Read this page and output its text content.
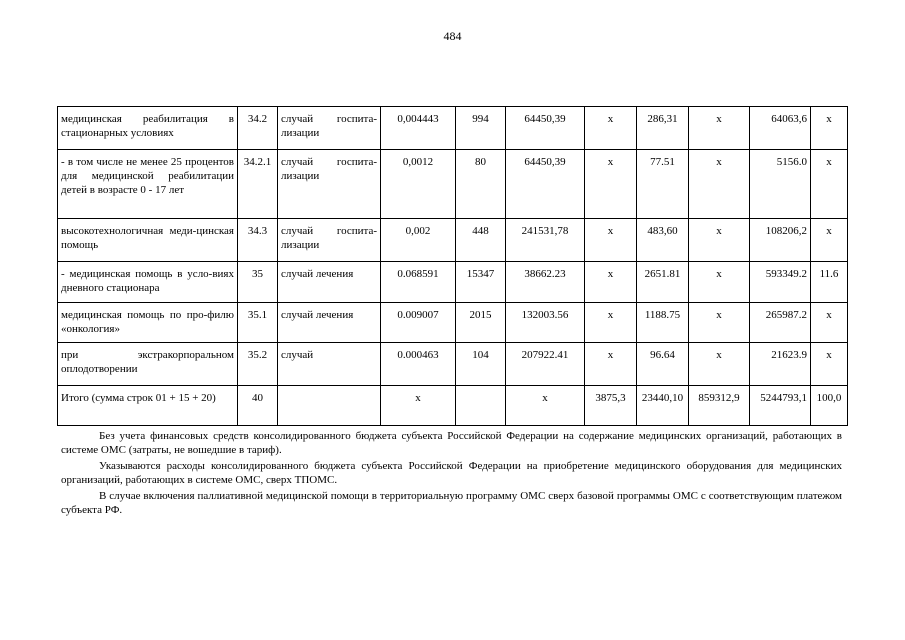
484
медицинская реабилитация в стационарных условиях	34.2	случай госпита-лизации	0,004443	994	64450,39	х	286,31	х	64063,6	х
- в том числе не менее 25 процентов для медицинской реабилитации детей в возрасте 0 - 17 лет	34.2.1	случай госпита-лизации	0,0012	80	64450,39	х	77.51	х	5156.0	х
высокотехнологичная меди-цинская помощь	34.3	случай госпита-лизации	0,002	448	241531,78	х	483,60	х	108206,2	х
- медицинская помощь в усло-виях дневного стационара	35	случай лечения	0.068591	15347	38662.23	х	2651.81	х	593349.2	11.6
медицинская помощь по про-филю «онкология»	35.1	случай лечения	0.009007	2015	132003.56	х	1188.75	х	265987.2	х
при экстракорпоральном оплодотворении	35.2	случай	0.000463	104	207922.41	х	96.64	х	21623.9	х
Итого (сумма строк 01 + 15 + 20)	40		х		х	3875,3	23440,10	859312,9	5244793,1	100,0

Без учета финансовых средств консолидированного бюджета субъекта Российской Федерации на содержание медицинских организаций, работающих в системе ОМС (затраты, не вошедшие в тариф).

Указываются расходы консолидированного бюджета субъекта Российской Федерации на приобретение медицинского оборудования для медицинских организаций, работающих в системе ОМС, сверх ТПОМС.

В случае включения паллиативной медицинской помощи в территориальную программу ОМС сверх базовой программы ОМС с соответствующим платежом субъекта РФ.
